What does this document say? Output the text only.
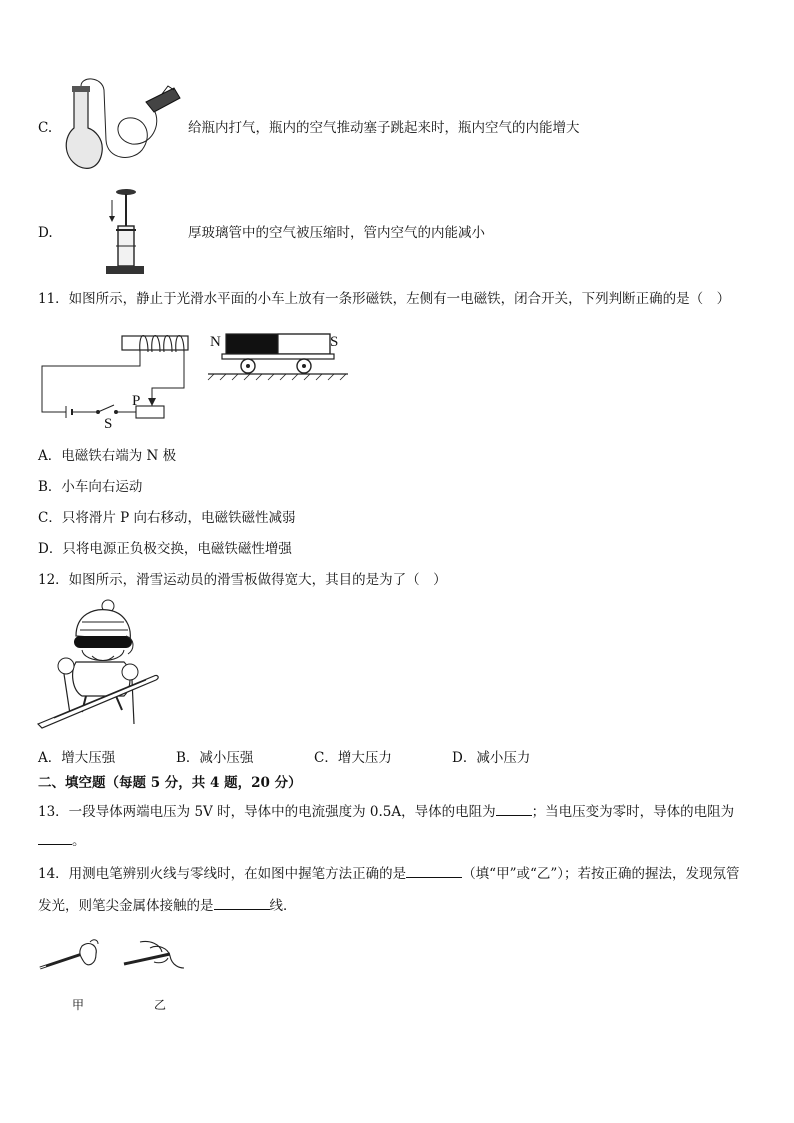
C.	给瓶内打气，瓶内的空气推动塞子跳起来时，瓶内空气的内能增大
D.	厚玻璃管中的空气被压缩时，管内空气的内能减小
11．如图所示，静止于光滑水平面的小车上放有一条形磁铁，左侧有一电磁铁，闭合开关，下列判断正确的是（　）
N	S
P
S
A．电磁铁右端为 N 极
B．小车向右运动
C．只将滑片 P 向右移动，电磁铁磁性减弱
D．只将电源正负极交换，电磁铁磁性增强
12．如图所示，滑雪运动员的滑雪板做得宽大，其目的是为了（　）
A．增大压强	B．减小压强	C．增大压力	D．减小压力
二、填空题（每题 5 分，共 4 题，20 分）
13．一段导体两端电压为 5V 时，导体中的电流强度为 0.5A，导体的电阻为	；当电压变为零时，导体的电阻为
。
14．用测电笔辨别火线与零线时，在如图中握笔方法正确的是	（填“甲”或“乙”）；若按正确的握法，发现氖管
发光，则笔尖金属体接触的是	线．
甲	乙
